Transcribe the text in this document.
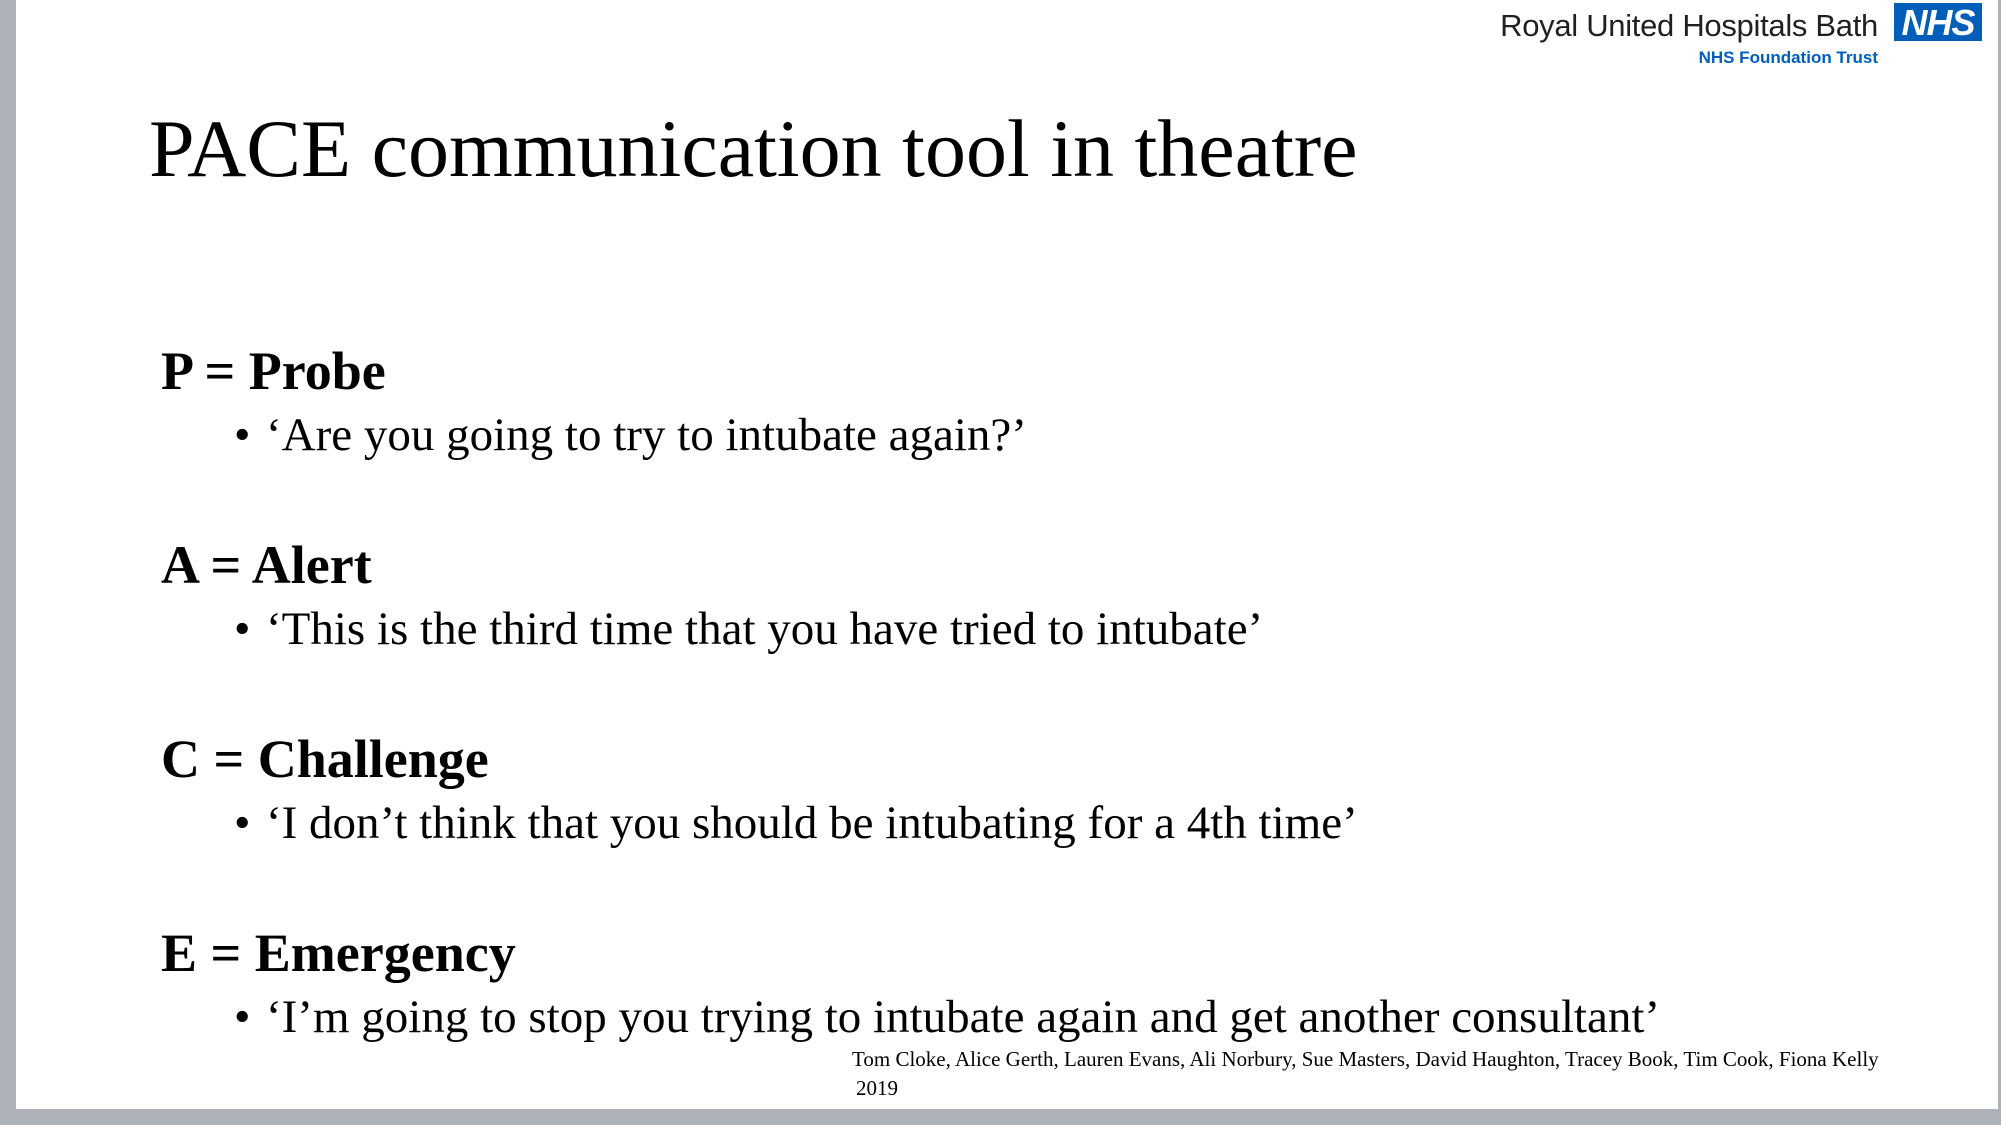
Royal United Hospitals Bath
NHS Foundation Trust
NHS
PACE communication tool in theatre
P = Probe
• ‘Are you going to try to intubate again?’
A = Alert
• ‘This is the third time that you have tried to intubate’
C = Challenge
• ‘I don’t think that you should be intubating for a 4th time’
E = Emergency
• ‘I’m going to stop you trying to intubate again and get another consultant’
Tom Cloke, Alice Gerth, Lauren Evans, Ali Norbury, Sue Masters, David Haughton, Tracey Book, Tim Cook, Fiona Kelly
2019
